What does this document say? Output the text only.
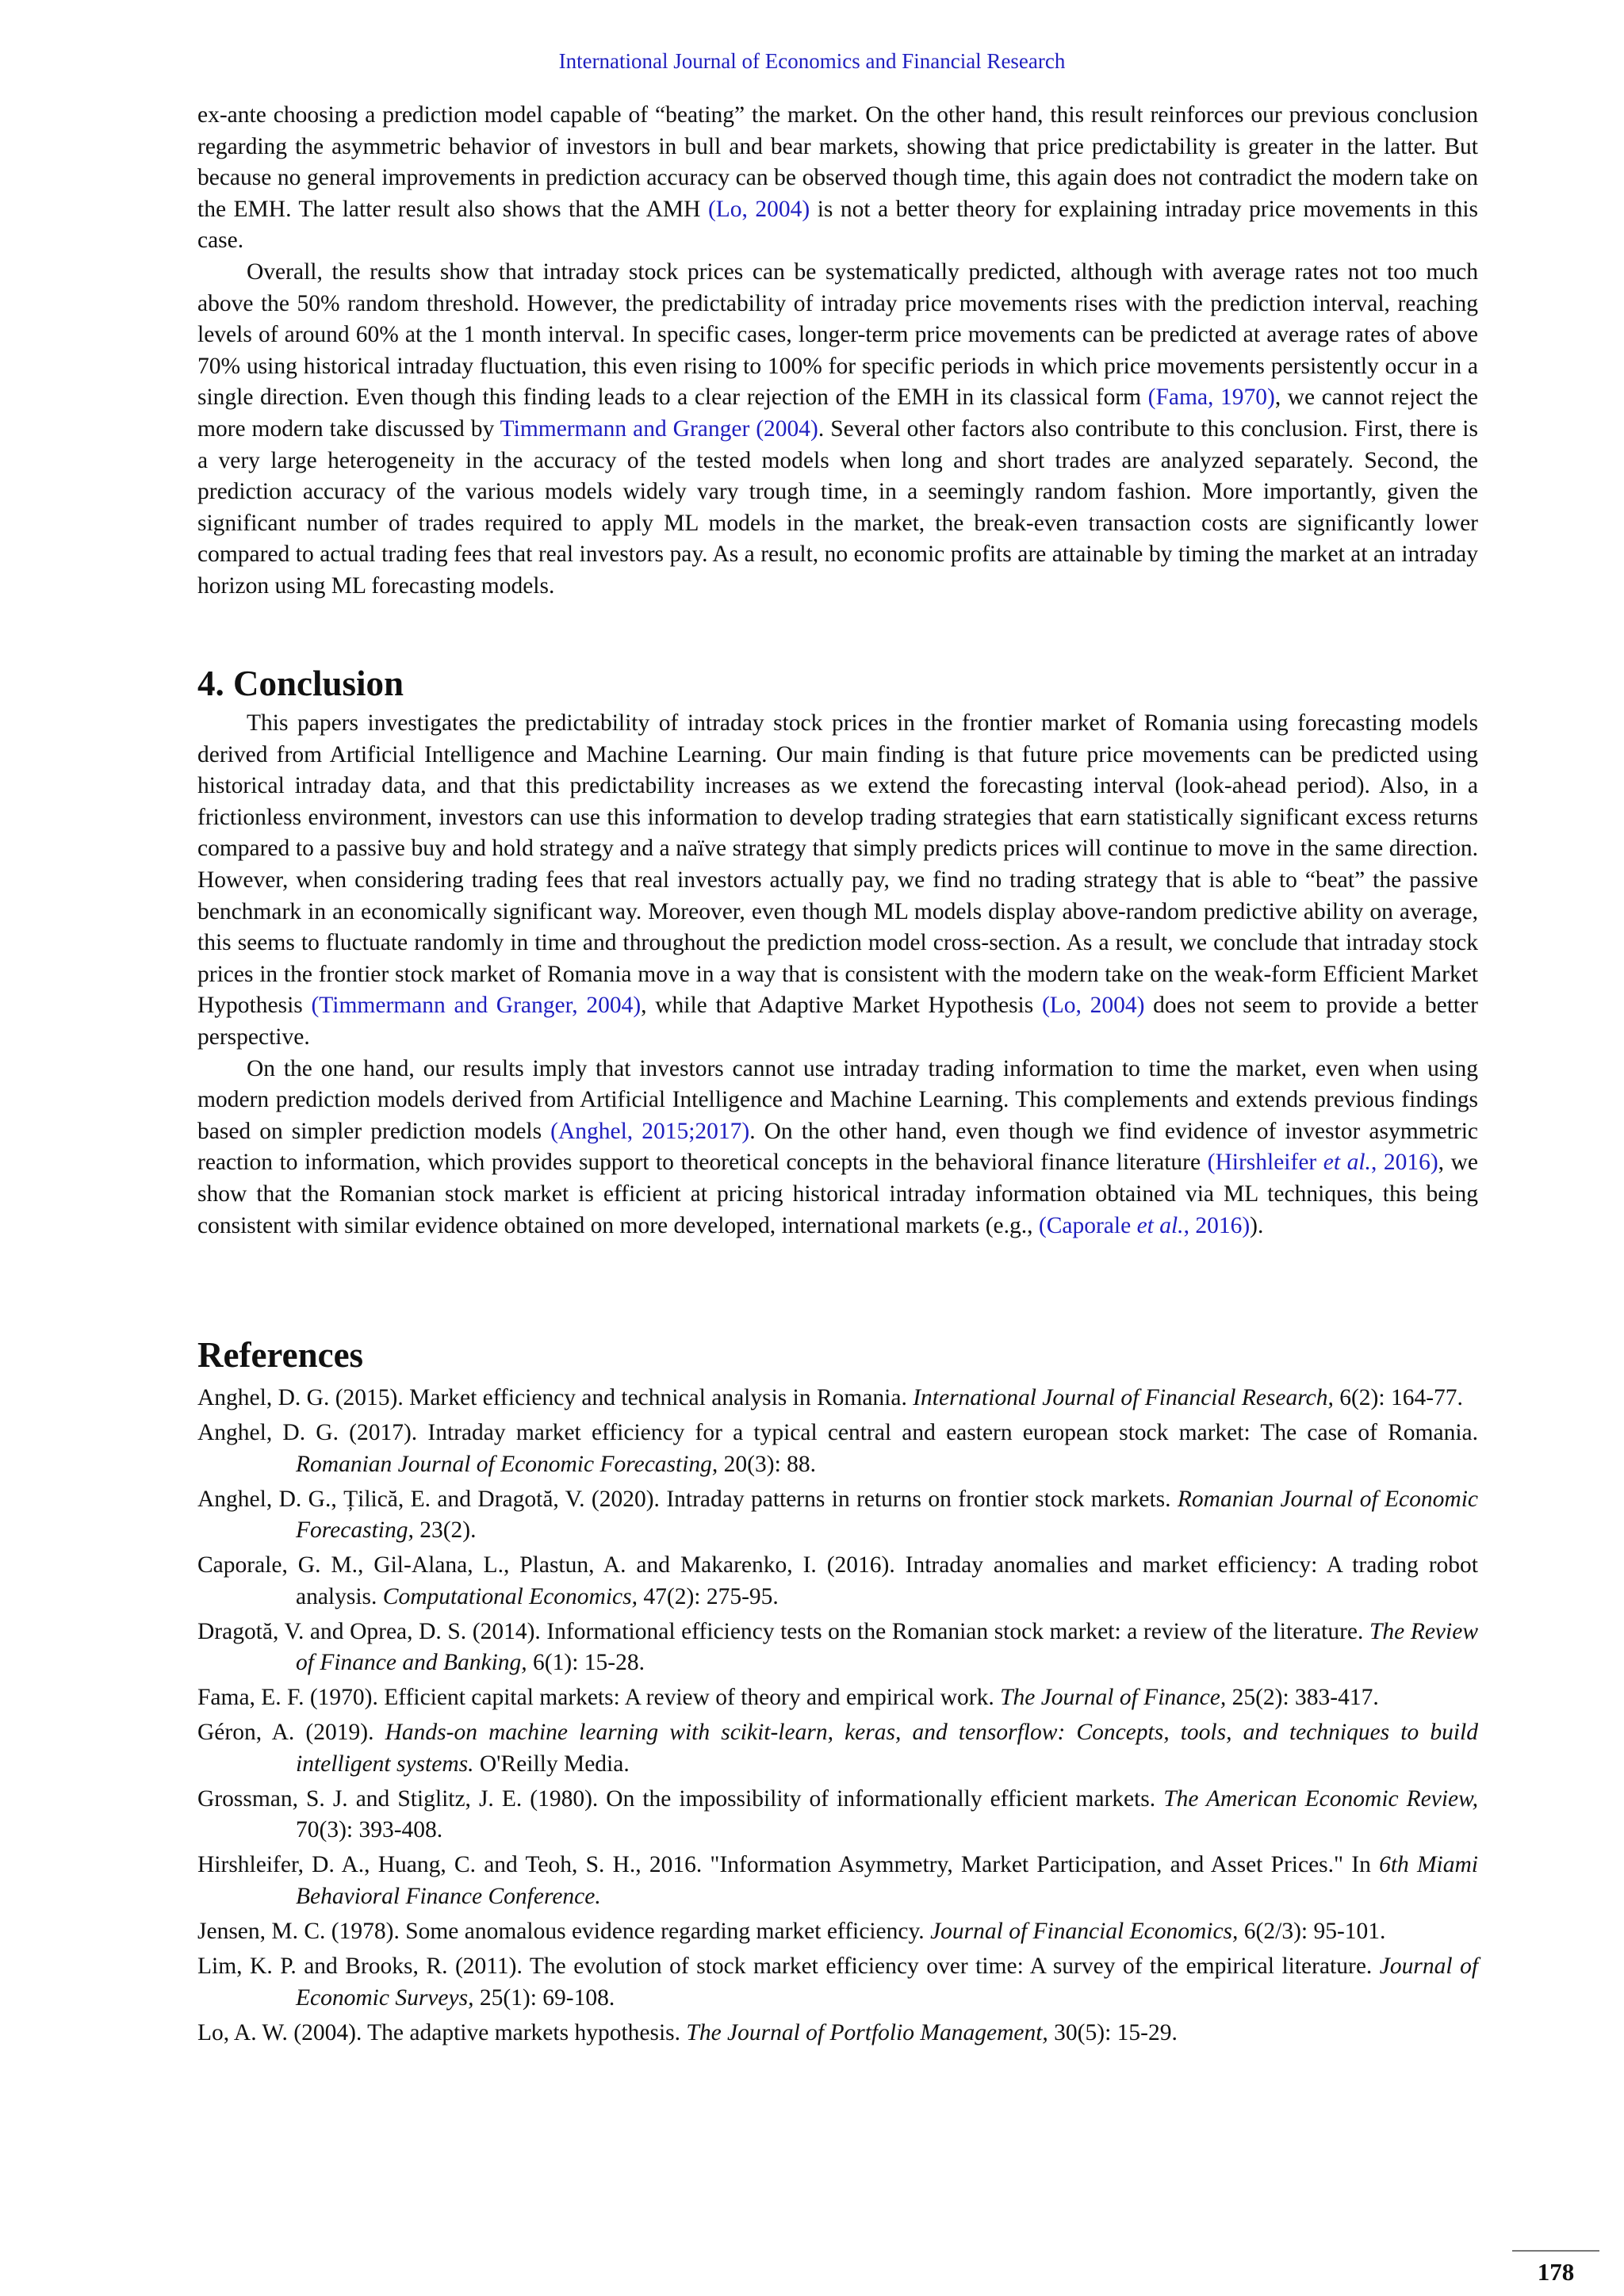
International Journal of Economics and Financial Research

ex-ante choosing a prediction model capable of “beating” the market. On the other hand, this result reinforces our previous conclusion regarding the asymmetric behavior of investors in bull and bear markets, showing that price predictability is greater in the latter. But because no general improvements in prediction accuracy can be observed though time, this again does not contradict the modern take on the EMH. The latter result also shows that the AMH (Lo, 2004) is not a better theory for explaining intraday price movements in this case.

Overall, the results show that intraday stock prices can be systematically predicted, although with average rates not too much above the 50% random threshold. However, the predictability of intraday price movements rises with the prediction interval, reaching levels of around 60% at the 1 month interval. In specific cases, longer-term price movements can be predicted at average rates of above 70% using historical intraday fluctuation, this even rising to 100% for specific periods in which price movements persistently occur in a single direction. Even though this finding leads to a clear rejection of the EMH in its classical form (Fama, 1970), we cannot reject the more modern take discussed by Timmermann and Granger (2004). Several other factors also contribute to this conclusion. First, there is a very large heterogeneity in the accuracy of the tested models when long and short trades are analyzed separately. Second, the prediction accuracy of the various models widely vary trough time, in a seemingly random fashion. More importantly, given the significant number of trades required to apply ML models in the market, the break-even transaction costs are significantly lower compared to actual trading fees that real investors pay. As a result, no economic profits are attainable by timing the market at an intraday horizon using ML forecasting models.

4. Conclusion

This papers investigates the predictability of intraday stock prices in the frontier market of Romania using forecasting models derived from Artificial Intelligence and Machine Learning. Our main finding is that future price movements can be predicted using historical intraday data, and that this predictability increases as we extend the forecasting interval (look-ahead period). Also, in a frictionless environment, investors can use this information to develop trading strategies that earn statistically significant excess returns compared to a passive buy and hold strategy and a naïve strategy that simply predicts prices will continue to move in the same direction. However, when considering trading fees that real investors actually pay, we find no trading strategy that is able to “beat” the passive benchmark in an economically significant way. Moreover, even though ML models display above-random predictive ability on average, this seems to fluctuate randomly in time and throughout the prediction model cross-section. As a result, we conclude that intraday stock prices in the frontier stock market of Romania move in a way that is consistent with the modern take on the weak-form Efficient Market Hypothesis (Timmermann and Granger, 2004), while that Adaptive Market Hypothesis (Lo, 2004) does not seem to provide a better perspective.

On the one hand, our results imply that investors cannot use intraday trading information to time the market, even when using modern prediction models derived from Artificial Intelligence and Machine Learning. This complements and extends previous findings based on simpler prediction models (Anghel, 2015;2017). On the other hand, even though we find evidence of investor asymmetric reaction to information, which provides support to theoretical concepts in the behavioral finance literature (Hirshleifer et al., 2016), we show that the Romanian stock market is efficient at pricing historical intraday information obtained via ML techniques, this being consistent with similar evidence obtained on more developed, international markets (e.g., (Caporale et al., 2016)).

References

Anghel, D. G. (2015). Market efficiency and technical analysis in Romania. International Journal of Financial Research, 6(2): 164-77.

Anghel, D. G. (2017). Intraday market efficiency for a typical central and eastern european stock market: The case of Romania. Romanian Journal of Economic Forecasting, 20(3): 88.

Anghel, D. G., Țilică, E. and Dragotă, V. (2020). Intraday patterns in returns on frontier stock markets. Romanian Journal of Economic Forecasting, 23(2).

Caporale, G. M., Gil-Alana, L., Plastun, A. and Makarenko, I. (2016). Intraday anomalies and market efficiency: A trading robot analysis. Computational Economics, 47(2): 275-95.

Dragotă, V. and Oprea, D. S. (2014). Informational efficiency tests on the Romanian stock market: a review of the literature. The Review of Finance and Banking, 6(1): 15-28.

Fama, E. F. (1970). Efficient capital markets: A review of theory and empirical work. The Journal of Finance, 25(2): 383-417.

Géron, A. (2019). Hands-on machine learning with scikit-learn, keras, and tensorflow: Concepts, tools, and techniques to build intelligent systems. O'Reilly Media.

Grossman, S. J. and Stiglitz, J. E. (1980). On the impossibility of informationally efficient markets. The American Economic Review, 70(3): 393-408.

Hirshleifer, D. A., Huang, C. and Teoh, S. H., 2016. "Information Asymmetry, Market Participation, and Asset Prices." In 6th Miami Behavioral Finance Conference.

Jensen, M. C. (1978). Some anomalous evidence regarding market efficiency. Journal of Financial Economics, 6(2/3): 95-101.

Lim, K. P. and Brooks, R. (2011). The evolution of stock market efficiency over time: A survey of the empirical literature. Journal of Economic Surveys, 25(1): 69-108.

Lo, A. W. (2004). The adaptive markets hypothesis. The Journal of Portfolio Management, 30(5): 15-29.

178
